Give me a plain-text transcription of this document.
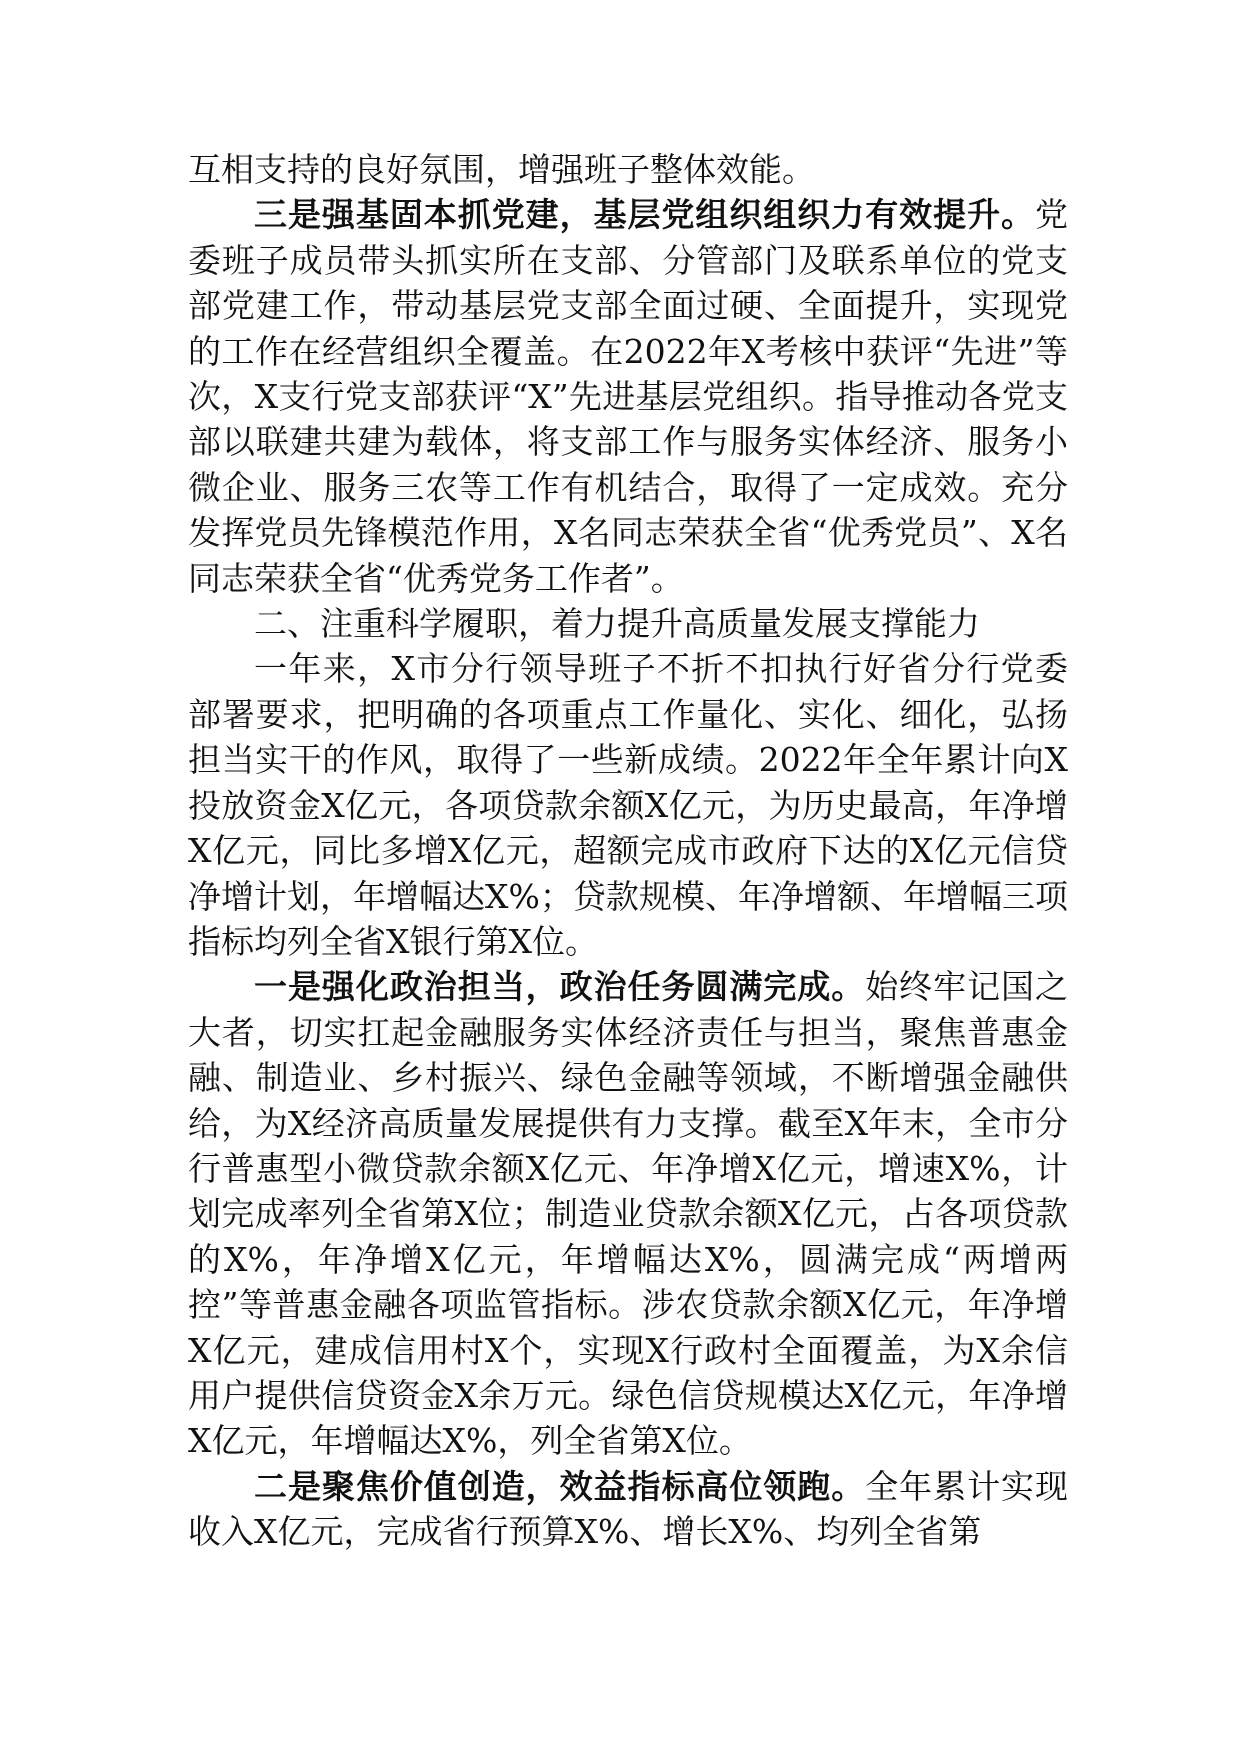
互相支持的良好氛围，增强班子整体效能。

三是强基固本抓党建，基层党组织组织力有效提升。党委班子成员带头抓实所在支部、分管部门及联系单位的党支部党建工作，带动基层党支部全面过硬、全面提升，实现党的工作在经营组织全覆盖。在2022年X考核中获评“先进”等次，X支行党支部获评“X”先进基层党组织。指导推动各党支部以联建共建为载体，将支部工作与服务实体经济、服务小微企业、服务三农等工作有机结合，取得了一定成效。充分发挥党员先锋模范作用，X名同志荣获全省“优秀党员”、X名同志荣获全省“优秀党务工作者”。

二、注重科学履职，着力提升高质量发展支撑能力

一年来，X市分行领导班子不折不扣执行好省分行党委部署要求，把明确的各项重点工作量化、实化、细化，弘扬担当实干的作风，取得了一些新成绩。2022年全年累计向X投放资金X亿元，各项贷款余额X亿元，为历史最高，年净增X亿元，同比多增X亿元，超额完成市政府下达的X亿元信贷净增计划，年增幅达X%；贷款规模、年净增额、年增幅三项指标均列全省X银行第X位。

一是强化政治担当，政治任务圆满完成。始终牢记国之大者，切实扛起金融服务实体经济责任与担当，聚焦普惠金融、制造业、乡村振兴、绿色金融等领域，不断增强金融供给，为X经济高质量发展提供有力支撑。截至X年末，全市分行普惠型小微贷款余额X亿元、年净增X亿元，增速X%，计划完成率列全省第X位；制造业贷款余额X亿元，占各项贷款的X%，年净增X亿元，年增幅达X%，圆满完成“两增两控”等普惠金融各项监管指标。涉农贷款余额X亿元，年净增X亿元，建成信用村X个，实现X行政村全面覆盖，为X余信用户提供信贷资金X余万元。绿色信贷规模达X亿元，年净增X亿元，年增幅达X%，列全省第X位。

二是聚焦价值创造，效益指标高位领跑。全年累计实现收入X亿元，完成省行预算X%、增长X%、均列全省第
